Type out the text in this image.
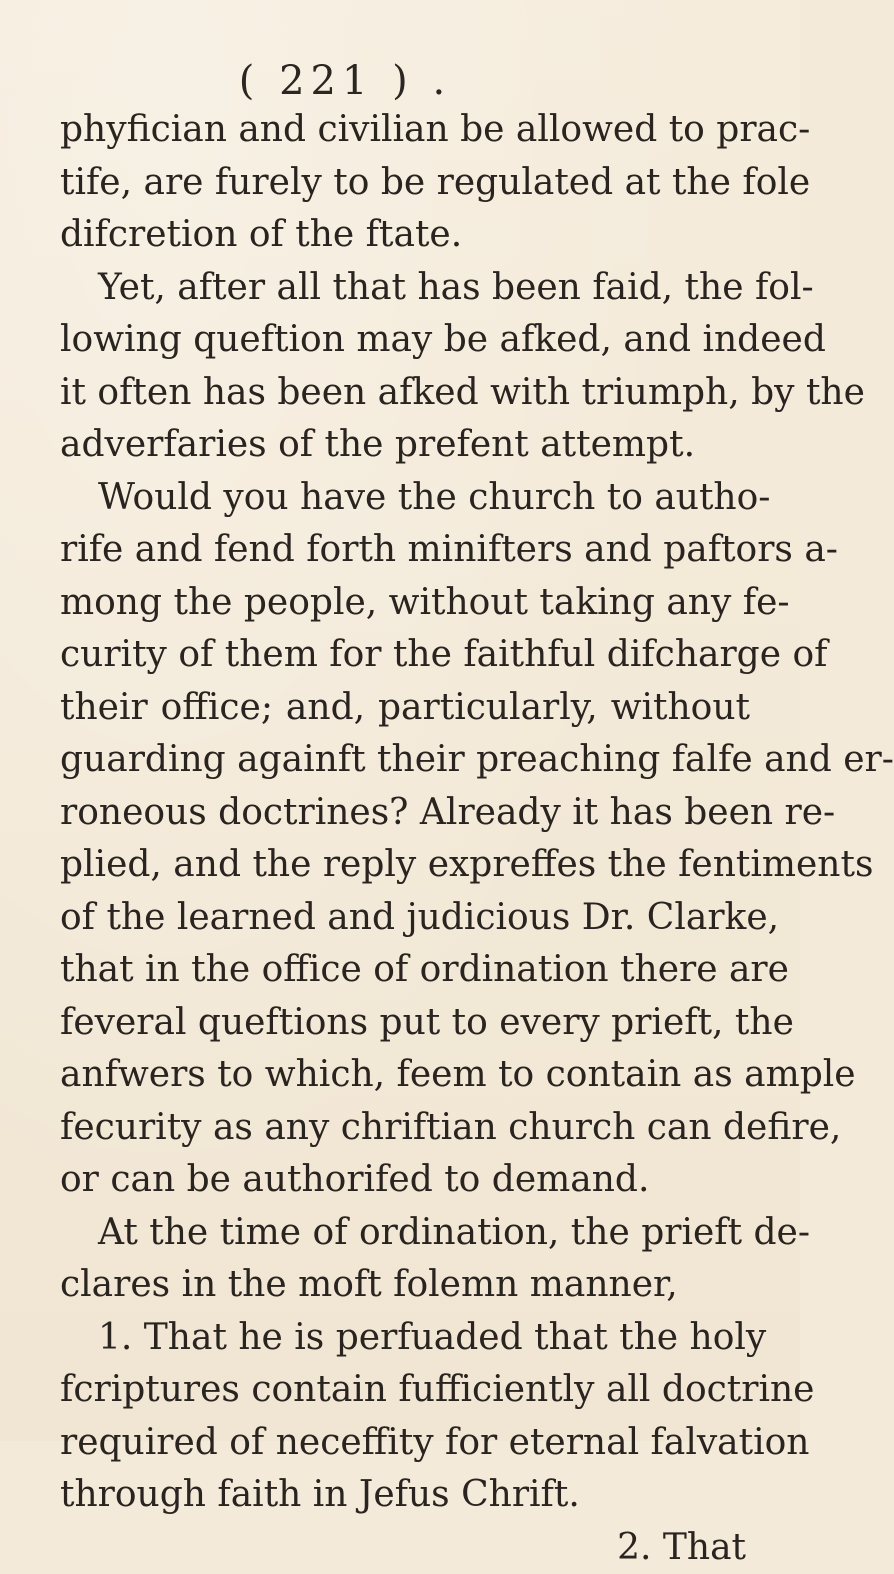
( 221 ) .
phyfician and civilian be allowed to prac-
tife, are furely to be regulated at the fole
difcretion of the ftate.
Yet, after all that has been faid, the fol-
lowing queftion may be afked, and indeed
it often has been afked with triumph, by the
adverfaries of the prefent attempt.
Would you have the church to autho-
rife and fend forth minifters and paftors a-
mong the people, without taking any fe-
curity of them for the faithful difcharge of
their office; and, particularly, without
guarding againft their preaching falfe and er-
roneous doctrines? Already it has been re-
plied, and the reply expreffes the fentiments
of the learned and judicious Dr. Clarke,
that in the office of ordination there are
feveral queftions put to every prieft, the
anfwers to which, feem to contain as ample
fecurity as any chriftian church can defire,
or can be authorifed to demand.
At the time of ordination, the prieft de-
clares in the moft folemn manner,
1. That he is perfuaded that the holy
fcriptures contain fufficiently all doctrine
required of neceffity for eternal falvation
through faith in Jefus Chrift.
2. That
